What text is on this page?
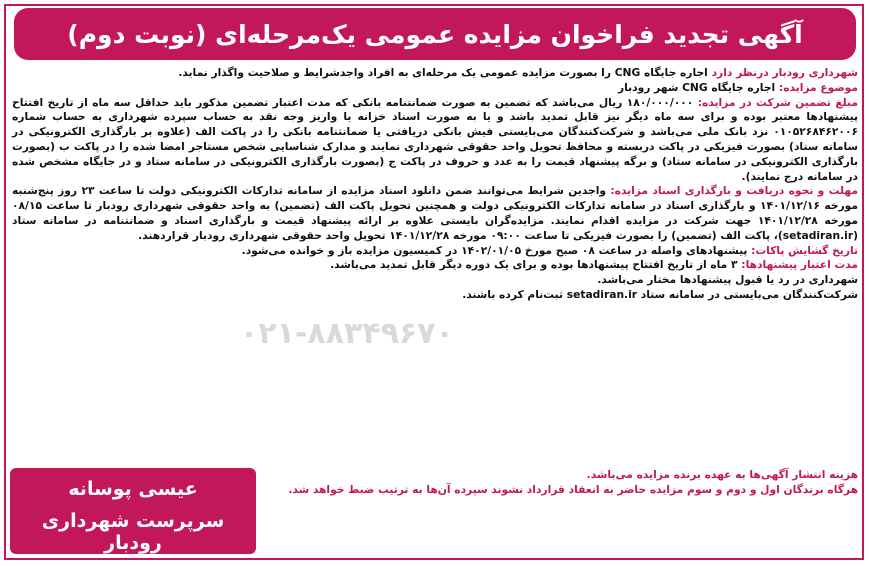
آگهی تجدید فراخوان مزایده عمومی یک‌مرحله‌ای (نوبت دوم)

شهرداری رودبار درنظر دارد اجاره جایگاه CNG را بصورت مزایده عمومی یک مرحله‌ای به افراد واجدشرایط و صلاحیت واگذار نماید.

موضوع مزایده: اجاره جایگاه CNG شهر رودبار

مبلغ تضمین شرکت در مزایده: ۱۸۰/۰۰۰/۰۰۰ ریال می‌باشد که تضمین به صورت ضمانتنامه بانکی که مدت اعتبار تضمین مذکور باید حداقل سه ماه از تاریخ افتتاح پیشنهادها معتبر بوده و برای سه ماه دیگر نیز قابل تمدید باشد و یا به صورت اسناد خزانه یا واریز وجه نقد به حساب سپرده شهرداری به حساب شماره ۰۱۰۵۲۶۸۴۶۲۰۰۶ نزد بانک ملی می‌باشد و شرکت‌کنندگان می‌بایستی فیش بانکی دریافتی یا ضمانتنامه بانکی را در پاکت الف (علاوه بر بارگذاری الکترونیکی در سامانه ستاد) بصورت فیزیکی در پاکت دربسته و محافظ تحویل واحد حقوقی شهرداری نمایند و مدارک شناسایی شخص مستاجر امضا شده را در پاکت ب (بصورت بارگذاری الکترونیکی در سامانه ستاد) و برگه پیشنهاد قیمت را به عدد و حروف در پاکت ج (بصورت بارگذاری الکترونیکی در سامانه ستاد و در جایگاه مشخص شده در سامانه درج نمایند).

مهلت و نحوه دریافت و بارگذاری اسناد مزایده: واجدین شرایط می‌توانند ضمن دانلود اسناد مزایده از سامانه تدارکات الکترونیکی دولت تا ساعت ۲۳ روز پنج‌شنبه مورخه ۱۴۰۱/۱۲/۱۶ و بارگذاری اسناد در سامانه تدارکات الکترونیکی دولت و همچنین تحویل پاکت الف (تضمین) به واحد حقوقی شهرداری رودبار تا ساعت ۰۸/۱۵ مورخه ۱۴۰۱/۱۲/۲۸ جهت شرکت در مزایده اقدام نمایند. مزایده‌گران بایستی علاوه بر ارائه پیشنهاد قیمت و بارگذاری اسناد و ضمانتنامه در سامانه ستاد (setadiran.ir)، پاکت الف (تضمین) را بصورت فیزیکی تا ساعت ۰۹:۰۰ مورخه ۱۴۰۱/۱۲/۲۸ تحویل واحد حقوقی شهرداری رودبار قراردهند.

تاریخ گشایش پاکات: پیشنهادهای واصله در ساعت ۰۸ صبح مورخ ۱۴۰۲/۰۱/۰۵ در کمیسیون مزایده باز و خوانده می‌شود.

مدت اعتبار پیشنهادها: ۳ ماه از تاریخ افتتاح پیشنهادها بوده و برای یک دوره دیگر قابل تمدید می‌باشد.

شهرداری در رد یا قبول پیشنهادها مختار می‌باشد.

شرکت‌کنندگان می‌بایستی در سامانه ستاد setadiran.ir ثبت‌نام کرده باشند.

۰۲۱-۸۸۳۴۹۶۷۰

هزینه انتشار آگهی‌ها به عهده برنده مزایده می‌باشد.

هرگاه برندگان اول و دوم و سوم مزایده حاضر به انعقاد قرارداد نشوند سپرده آن‌ها به ترتیب ضبط خواهد شد.

عیسی پوسانه
سرپرست شهرداری رودبار
